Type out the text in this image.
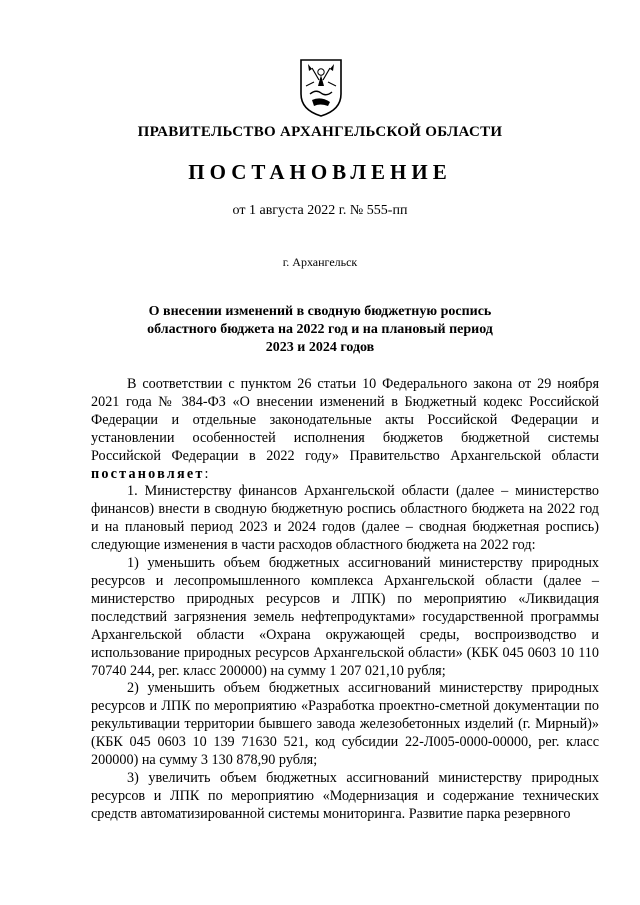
ПРАВИТЕЛЬСТВО АРХАНГЕЛЬСКОЙ ОБЛАСТИ
ПОСТАНОВЛЕНИЕ
от 1 августа 2022 г. № 555-пп
г. Архангельск
О внесении изменений в сводную бюджетную роспись
областного бюджета на 2022 год и на плановый период
2023 и 2024 годов

В соответствии с пунктом 26 статьи 10 Федерального закона от 29 ноября 2021 года № 384-ФЗ «О внесении изменений в Бюджетный кодекс Российской Федерации и отдельные законодательные акты Российской Федерации и установлении особенностей исполнения бюджетов бюджетной системы Российской Федерации в 2022 году» Правительство Архангельской области постановляет:

1. Министерству финансов Архангельской области (далее – министерство финансов) внести в сводную бюджетную роспись областного бюджета на 2022 год и на плановый период 2023 и 2024 годов (далее – сводная бюджетная роспись) следующие изменения в части расходов областного бюджета на 2022 год:

1) уменьшить объем бюджетных ассигнований министерству природных ресурсов и лесопромышленного комплекса Архангельской области (далее – министерство природных ресурсов и ЛПК) по мероприятию «Ликвидация последствий загрязнения земель нефтепродуктами» государственной программы Архангельской области «Охрана окружающей среды, воспроизводство и использование природных ресурсов Архангельской области» (КБК 045 0603 10 110 70740 244, рег. класс 200000) на сумму 1 207 021,10 рубля;

2) уменьшить объем бюджетных ассигнований министерству природных ресурсов и ЛПК по мероприятию «Разработка проектно-сметной документации по рекультивации территории бывшего завода железобетонных изделий (г. Мирный)» (КБК 045 0603 10 139 71630 521, код субсидии 22-Л005-0000-00000, рег. класс 200000) на сумму 3 130 878,90 рубля;

3) увеличить объем бюджетных ассигнований министерству природных ресурсов и ЛПК по мероприятию «Модернизация и содержание технических средств автоматизированной системы мониторинга. Развитие парка резервного
